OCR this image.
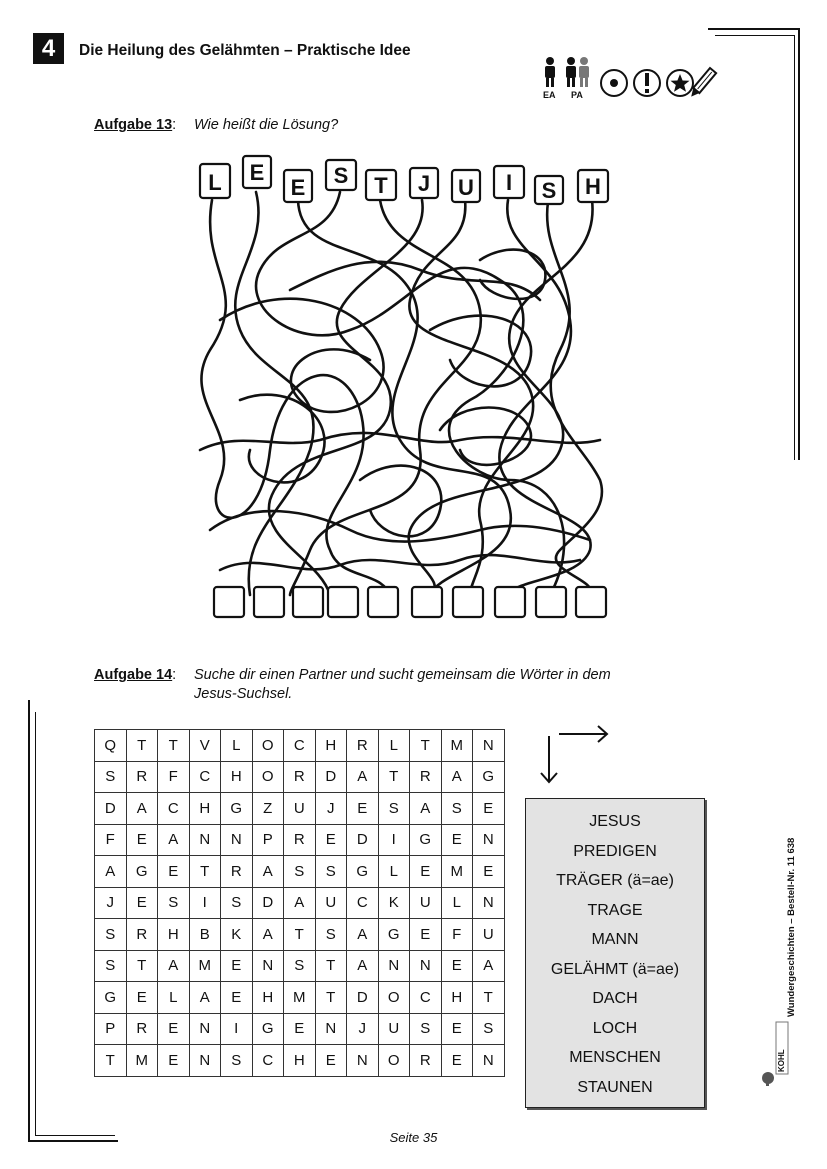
4	Die Heilung des Gelähmten – Praktische Idee
EA PA
Aufgabe 13: Wie heißt die Lösung?
L E
E S T J U I S H
Aufgabe 14: Suche dir einen Partner und sucht gemeinsam die Wörter in dem
Jesus-Suchsel.
Q	T	T	V	L	O	C	H	R	L	T	M	N
S	R	F	C	H	O	R	D	A	T	R	A	G
D	A	C	H	G	Z	U	J	E	S	A	S	E
F	E	A	N	N	P	R	E	D	I	G	E	N
A	G	E	T	R	A	S	S	G	L	E	M	E
J	E	S	I	S	D	A	U	C	K	U	L	N
S	R	H	B	K	A	T	S	A	G	E	F	U
S	T	A	M	E	N	S	T	A	N	N	E	A
G	E	L	A	E	H	M	T	D	O	C	H	T
P	R	E	N	I	G	E	N	J	U	S	E	S
T	M	E	N	S	C	H	E	N	O	R	E	N
JESUS
PREDIGEN
TRÄGER (ä=ae)
TRAGE
MANN
GELÄHMT (ä=ae)
DACH
LOCH
MENSCHEN
STAUNEN
KOHL
Wundergeschichten – Bestell-Nr. 11 638
Seite 35
